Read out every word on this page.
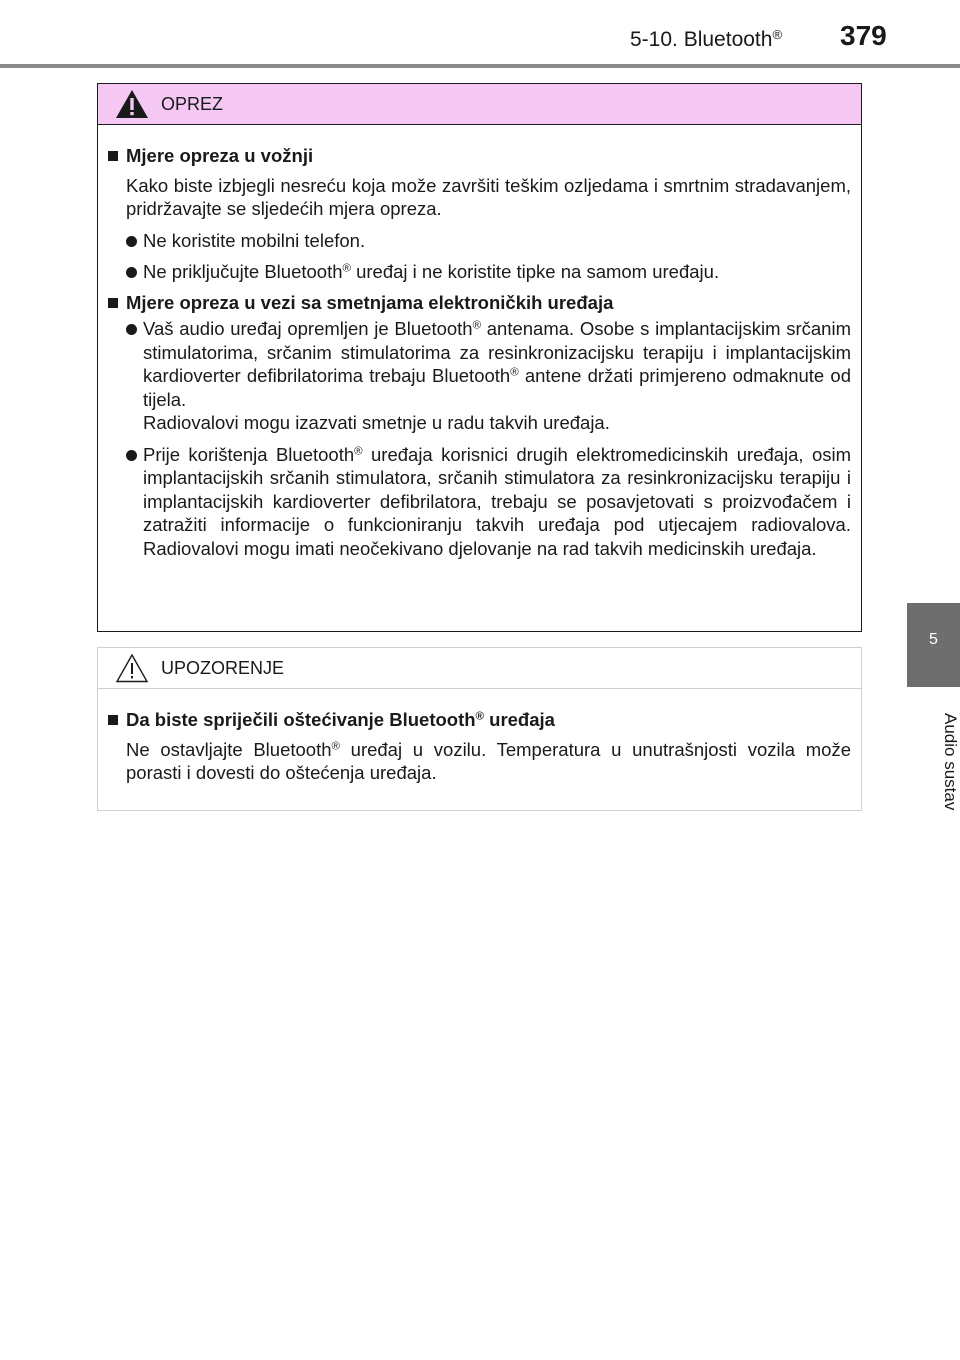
5-10. Bluetooth®	379
5
Audio sustav
OPREZ
Mjere opreza u vožnji
Kako biste izbjegli nesreću koja može završiti teškim ozljedama i smrtnim stradavanjem, pridržavajte se sljedećih mjera opreza.
Ne koristite mobilni telefon.
Ne priključujte Bluetooth® uređaj i ne koristite tipke na samom uređaju.
Mjere opreza u vezi sa smetnjama elektroničkih uređaja
Vaš audio uređaj opremljen je Bluetooth® antenama. Osobe s implantacijskim srčanim stimulatorima, srčanim stimulatorima za resinkronizacijsku terapiju i implantacijskim kardioverter defibrilatorima trebaju Bluetooth® antene držati primjereno odmaknute od tijela.
Radiovalovi mogu izazvati smetnje u radu takvih uređaja.
Prije korištenja Bluetooth® uređaja korisnici drugih elektromedicinskih uređaja, osim implantacijskih srčanih stimulatora, srčanih stimulatora za resinkronizacijsku terapiju i implantacijskih kardioverter defibrilatora, trebaju se posavjetovati s proizvođačem i zatražiti informacije o funkcioniranju takvih uređaja pod utjecajem radiovalova. Radiovalovi mogu imati neočekivano djelovanje na rad takvih medicinskih uređaja.
UPOZORENJE
Da biste spriječili oštećivanje Bluetooth® uređaja
Ne ostavljajte Bluetooth® uređaj u vozilu. Temperatura u unutrašnjosti vozila može porasti i dovesti do oštećenja uređaja.
